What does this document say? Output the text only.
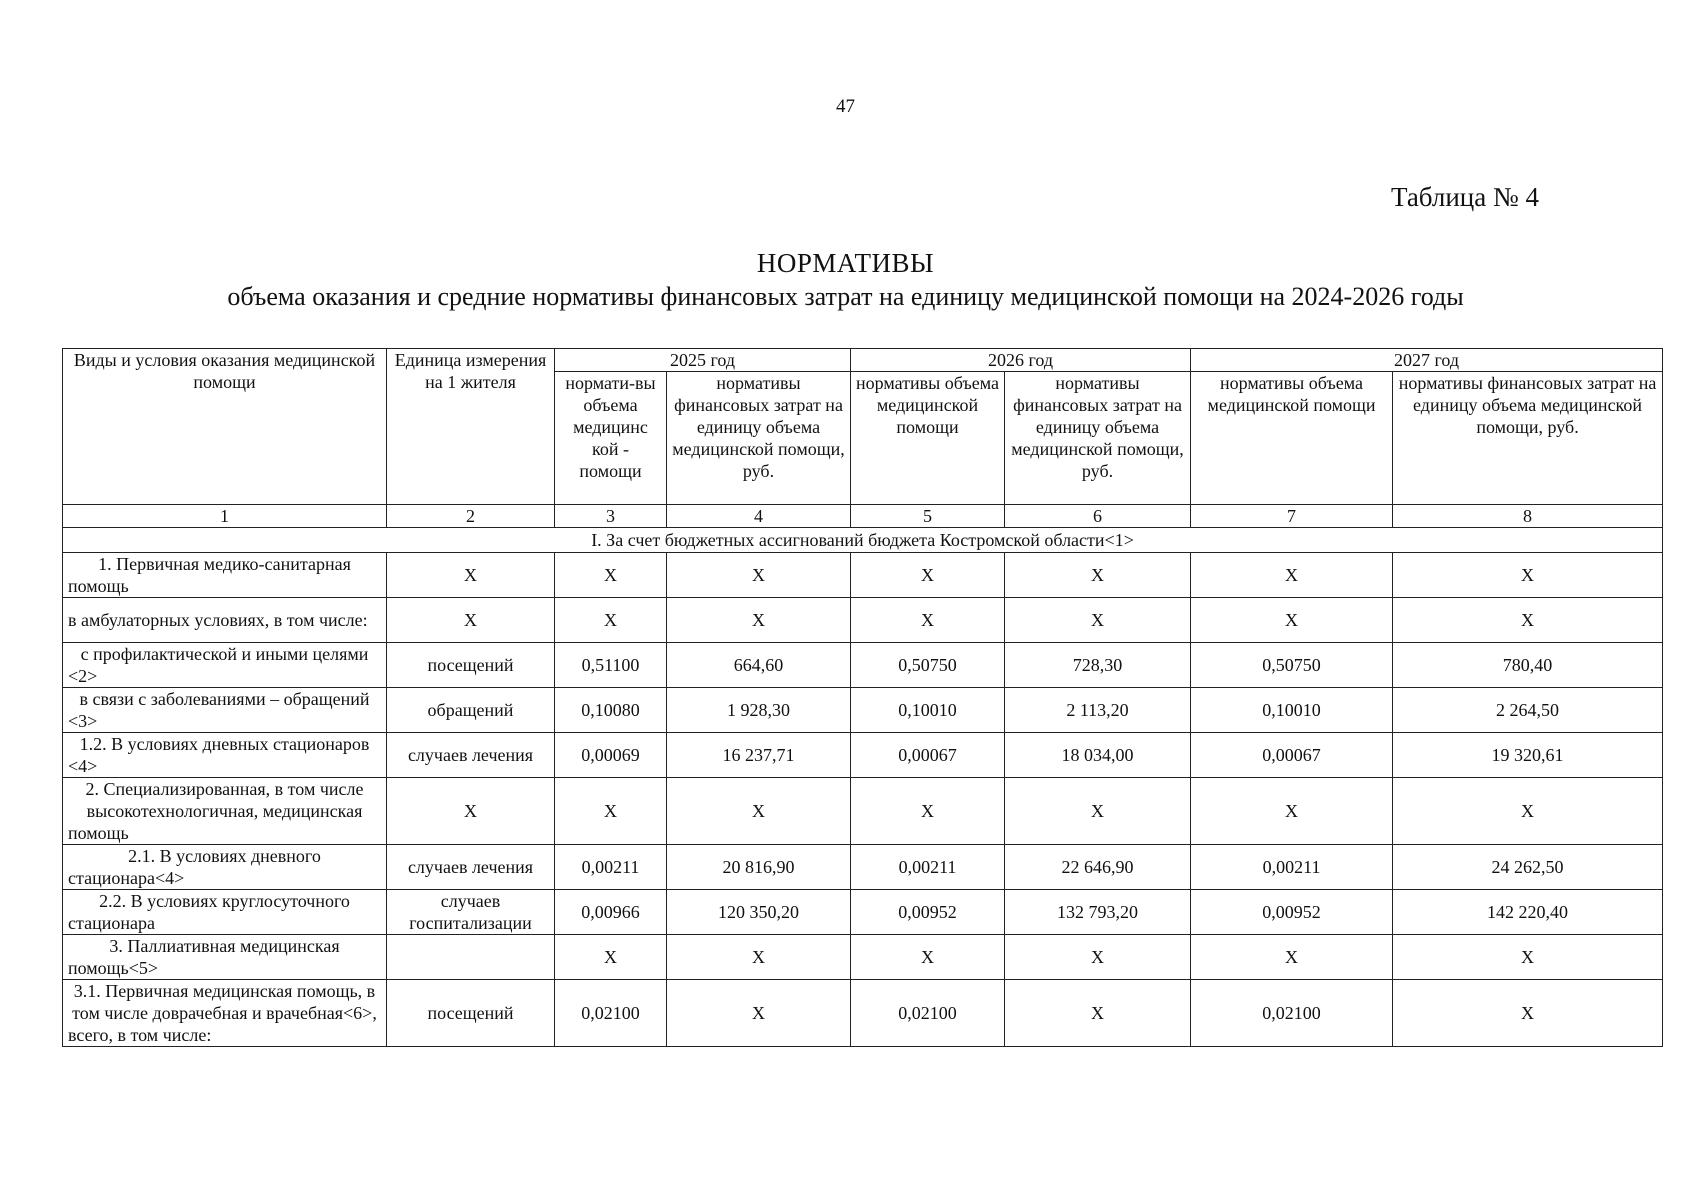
47
Таблица № 4
НОРМАТИВЫ
объема оказания и средние нормативы финансовых затрат на единицу медицинской помощи на 2024-2026 годы
Виды и условия оказания медицинской помощи	Единица измерения на 1 жителя	2025 год		2026 год		2027 год	
		нормати-вы объема медицинс кой - помощи	нормативы финансовых затрат на единицу объема медицинской помощи, руб.	нормативы объема медицинской помощи	нормативы финансовых затрат на единицу объема медицинской помощи, руб.	нормативы объема медицинской помощи	нормативы финансовых затрат на единицу объема медицинской помощи, руб.
1	2	3	4	5	6	7	8
I. За счет бюджетных ассигнований бюджета Костромской области<1>							
1. Первичная медико-санитарная помощь	Х	Х	Х	Х	Х	Х	Х
в амбулаторных условиях, в том числе:	Х	Х	Х	Х	Х	Х	Х
с профилактической и иными целями <2>	посещений	0,51100	664,60	0,50750	728,30	0,50750	780,40
в связи с заболеваниями – обращений <3>	обращений	0,10080	1 928,30	0,10010	2 113,20	0,10010	2 264,50
1.2. В условиях дневных стационаров <4>	случаев лечения	0,00069	16 237,71	0,00067	18 034,00	0,00067	19 320,61
2. Специализированная, в том числе высокотехнологичная, медицинская помощь	Х	Х	Х	Х	Х	Х	Х
2.1. В условиях дневного стационара<4>	случаев лечения	0,00211	20 816,90	0,00211	22 646,90	0,00211	24 262,50
2.2. В условиях круглосуточного стационара	случаев госпитализации	0,00966	120 350,20	0,00952	132 793,20	0,00952	142 220,40
3. Паллиативная медицинская помощь<5>		Х	Х	Х	Х	Х	Х
3.1. Первичная медицинская помощь, в том числе доврачебная и врачебная<6>, всего, в том числе:	посещений	0,02100	Х	0,02100	Х	0,02100	Х
